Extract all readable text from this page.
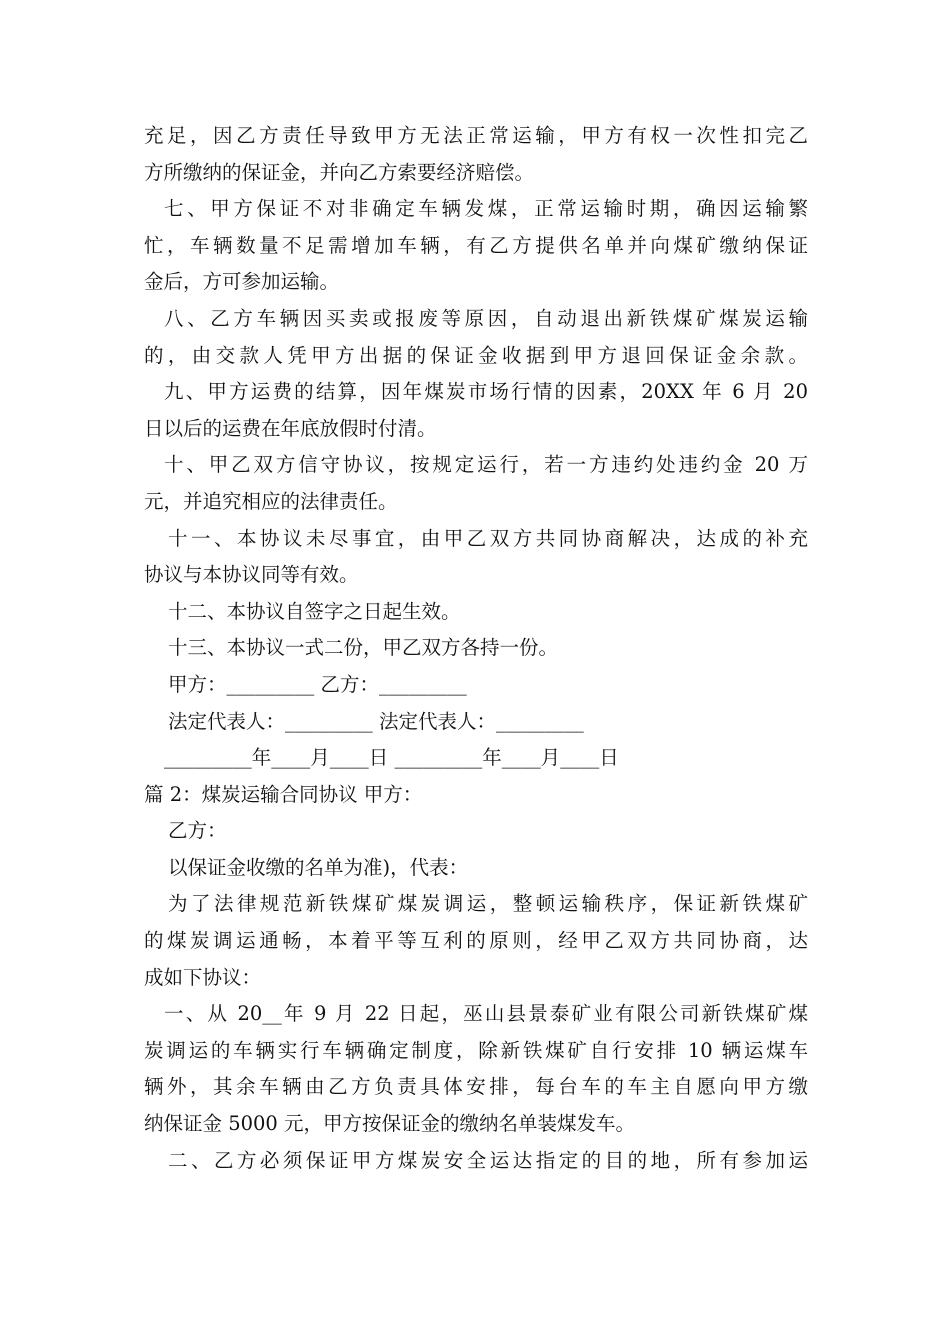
充足，因乙方责任导致甲方无法正常运输，甲方有权一次性扣完乙
方所缴纳的保证金，并向乙方索要经济赔偿。
七、甲方保证不对非确定车辆发煤，正常运输时期，确因运输繁
忙，车辆数量不足需增加车辆，有乙方提供名单并向煤矿缴纳保证
金后，方可参加运输。
八、乙方车辆因买卖或报废等原因，自动退出新铁煤矿煤炭运输
的，由交款人凭甲方出据的保证金收据到甲方退回保证金余款。
九、甲方运费的结算，因年煤炭市场行情的因素，20XX 年 6 月 20
日以后的运费在年底放假时付清。
十、甲乙双方信守协议，按规定运行，若一方违约处违约金 20 万
元，并追究相应的法律责任。
十一、本协议未尽事宜，由甲乙双方共同协商解决，达成的补充
协议与本协议同等有效。
十二、本协议自签字之日起生效。
十三、本协议一式二份，甲乙双方各持一份。
甲方：_________ 乙方：_________
法定代表人：_________ 法定代表人：_________
_________年____月____日 _________年____月____日
篇 2：煤炭运输合同协议 甲方：
乙方：
以保证金收缴的名单为准)，代表：
为了法律规范新铁煤矿煤炭调运，整顿运输秩序，保证新铁煤矿
的煤炭调运通畅，本着平等互利的原则，经甲乙双方共同协商，达
成如下协议：
一、从 20__年 9 月 22 日起，巫山县景泰矿业有限公司新铁煤矿煤
炭调运的车辆实行车辆确定制度，除新铁煤矿自行安排 10 辆运煤车
辆外，其余车辆由乙方负责具体安排，每台车的车主自愿向甲方缴
纳保证金 5000 元，甲方按保证金的缴纳名单装煤发车。
二、乙方必须保证甲方煤炭安全运达指定的目的地，所有参加运
